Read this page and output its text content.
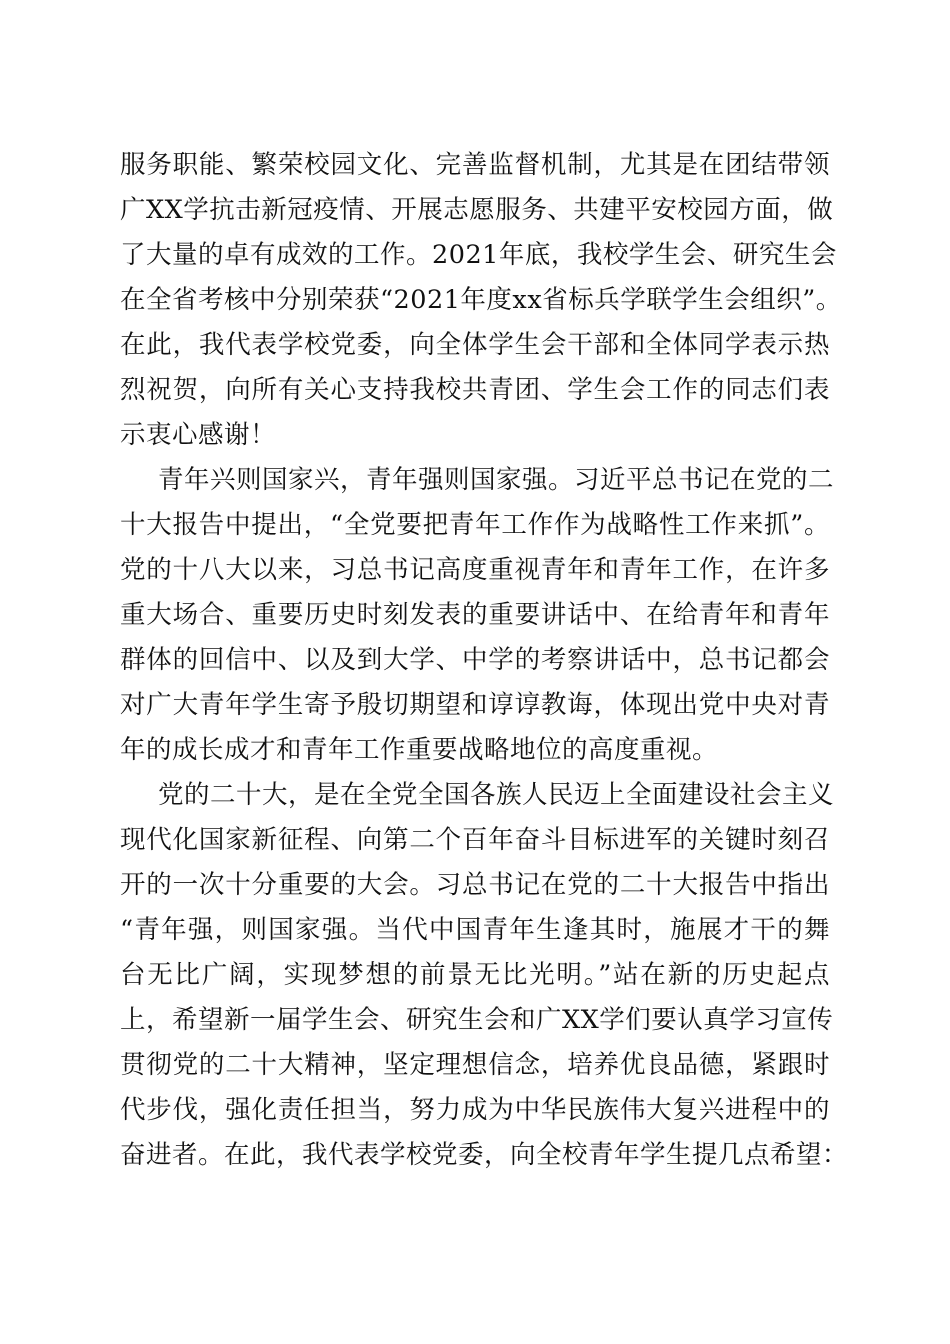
服务职能、繁荣校园文化、完善监督机制，尤其是在团结带领
广XX学抗击新冠疫情、开展志愿服务、共建平安校园方面，做
了大量的卓有成效的工作。2021年底，我校学生会、研究生会
在全省考核中分别荣获“2021年度xx省标兵学联学生会组织”。
在此，我代表学校党委，向全体学生会干部和全体同学表示热
烈祝贺，向所有关心支持我校共青团、学生会工作的同志们表
示衷心感谢！
青年兴则国家兴，青年强则国家强。习近平总书记在党的二
十大报告中提出，“全党要把青年工作作为战略性工作来抓”。
党的十八大以来，习总书记高度重视青年和青年工作，在许多
重大场合、重要历史时刻发表的重要讲话中、在给青年和青年
群体的回信中、以及到大学、中学的考察讲话中，总书记都会
对广大青年学生寄予殷切期望和谆谆教诲，体现出党中央对青
年的成长成才和青年工作重要战略地位的高度重视。
党的二十大，是在全党全国各族人民迈上全面建设社会主义
现代化国家新征程、向第二个百年奋斗目标进军的关键时刻召
开的一次十分重要的大会。习总书记在党的二十大报告中指出
“青年强，则国家强。当代中国青年生逢其时，施展才干的舞
台无比广阔，实现梦想的前景无比光明。”站在新的历史起点
上，希望新一届学生会、研究生会和广XX学们要认真学习宣传
贯彻党的二十大精神，坚定理想信念，培养优良品德，紧跟时
代步伐，强化责任担当，努力成为中华民族伟大复兴进程中的
奋进者。在此，我代表学校党委，向全校青年学生提几点希望：
